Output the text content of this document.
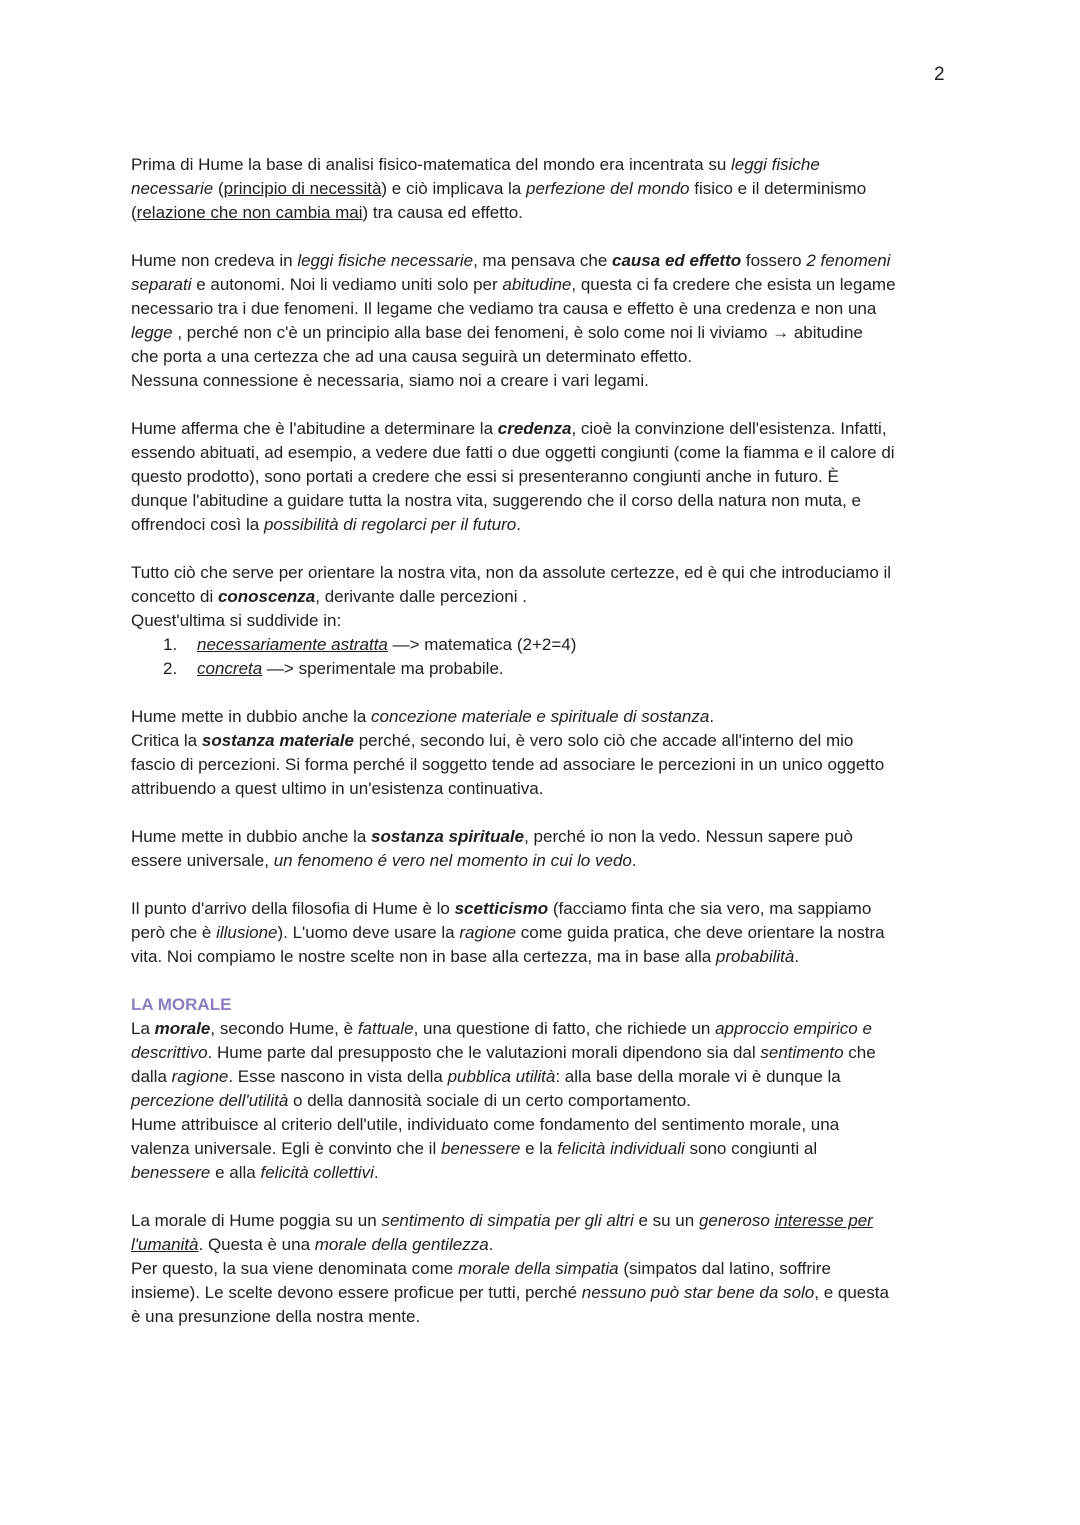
2

Prima di Hume la base di analisi fisico-matematica del mondo era incentrata su leggi fisiche
necessarie (principio di necessità) e ciò implicava la perfezione del mondo fisico e il determinismo
(relazione che non cambia mai) tra causa ed effetto.

Hume non credeva in leggi fisiche necessarie, ma pensava che causa ed effetto fossero 2 fenomeni
separati e autonomi. Noi li vediamo uniti solo per abitudine, questa ci fa credere che esista un legame
necessario tra i due fenomeni. Il legame che vediamo tra causa e effetto è una credenza e non una
legge , perché non c'è un principio alla base dei fenomeni, è solo come noi li viviamo → abitudine
che porta a una certezza che ad una causa seguirà un determinato effetto.
Nessuna connessione è necessaria, siamo noi a creare i vari legami.

Hume afferma che è l'abitudine a determinare la credenza, cioè la convinzione dell'esistenza. Infatti,
essendo abituati, ad esempio, a vedere due fatti o due oggetti congiunti (come la fiamma e il calore di
questo prodotto), sono portati a credere che essi si presenteranno congiunti anche in futuro. È
dunque l'abitudine a guidare tutta la nostra vita, suggerendo che il corso della natura non muta, e
offrendoci così la possibilità di regolarci per il futuro.

Tutto ciò che serve per orientare la nostra vita, non da assolute certezze, ed è qui che introduciamo il
concetto di conoscenza, derivante dalle percezioni .
Quest'ultima si suddivide in:
1. necessariamente astratta —> matematica (2+2=4)
2. concreta —> sperimentale ma probabile.

Hume mette in dubbio anche la concezione materiale e spirituale di sostanza.
Critica la sostanza materiale perché, secondo lui, è vero solo ciò che accade all'interno del mio
fascio di percezioni. Si forma perché il soggetto tende ad associare le percezioni in un unico oggetto
attribuendo a quest ultimo in un'esistenza continuativa.

Hume mette in dubbio anche la sostanza spirituale, perché io non la vedo. Nessun sapere può
essere universale, un fenomeno é vero nel momento in cui lo vedo.

Il punto d'arrivo della filosofia di Hume è lo scetticismo (facciamo finta che sia vero, ma sappiamo
però che è illusione). L'uomo deve usare la ragione come guida pratica, che deve orientare la nostra
vita. Noi compiamo le nostre scelte non in base alla certezza, ma in base alla probabilità.

LA MORALE
La morale, secondo Hume, è fattuale, una questione di fatto, che richiede un approccio empirico e
descrittivo. Hume parte dal presupposto che le valutazioni morali dipendono sia dal sentimento che
dalla ragione. Esse nascono in vista della pubblica utilità: alla base della morale vi è dunque la
percezione dell'utilità o della dannosità sociale di un certo comportamento.
Hume attribuisce al criterio dell'utile, individuato come fondamento del sentimento morale, una
valenza universale. Egli è convinto che il benessere e la felicità individuali sono congiunti al
benessere e alla felicità collettivi.

La morale di Hume poggia su un sentimento di simpatia per gli altri e su un generoso interesse per
l'umanità. Questa è una morale della gentilezza.
Per questo, la sua viene denominata come morale della simpatia (simpatos dal latino, soffrire
insieme). Le scelte devono essere proficue per tutti, perché nessuno può star bene da solo, e questa
è una presunzione della nostra mente.
